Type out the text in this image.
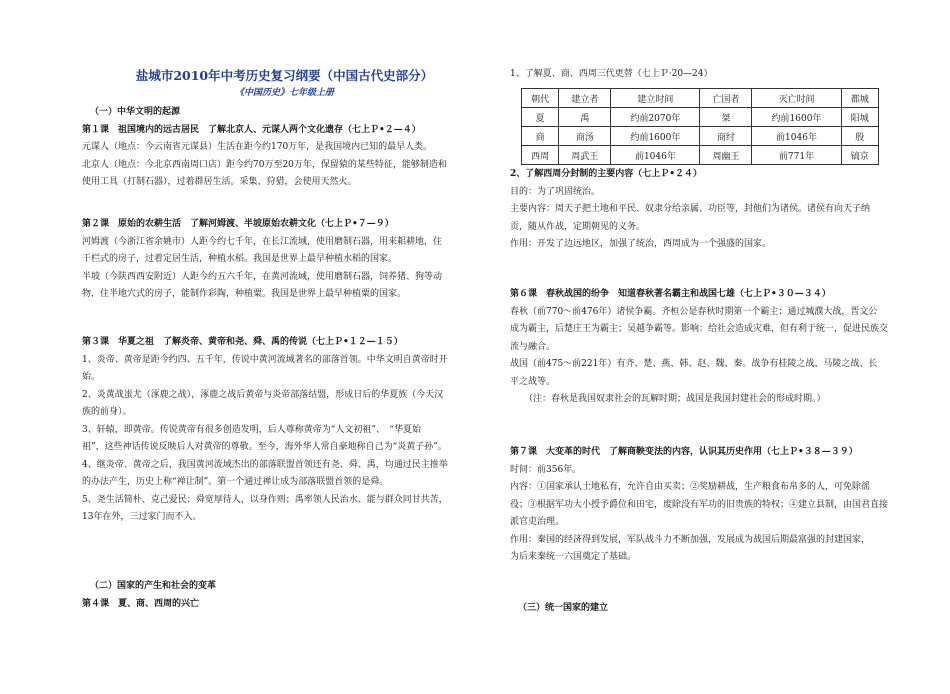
盐城市2010年中考历史复习纲要（中国古代史部分）
《中国历史》七年级上册

（一）中华文明的起源

第１课　祖国境内的远古居民　了解北京人、元谋人两个文化遗存（七上Ｐ•２—４）

元谋人（地点：今云南省元谋县）生活在距今约170万年，是我国境内已知的最早人类。

北京人（地点：今北京西南周口店）距今约70万至20万年，保留猿的某些特征，能够制造和

使用工具（打制石器），过着群居生活。采集、狩猎，会使用天然火。

第２课　原始的农耕生活　了解河姆渡、半坡原始农耕文化（七上Ｐ•７—９）

河姆渡（今浙江省余姚市）人距今约七千年，在长江流域，使用磨制石器，用来耜耕地，住

干栏式的房子，过着定居生活，种植水稻。我国是世界上最早种植水稻的国家。

半坡（今陕西西安附近）人距今约五六千年，在黄河流域，使用磨制石器，饲养猪、狗等动

物，住半地穴式的房子，能制作彩陶，种植粟。我国是世界上最早种植粟的国家。

第３课　华夏之祖　了解炎帝、黄帝和尧、舜、禹的传说（七上Ｐ•１２—１５）

1、炎帝、黄帝是距今约四、五千年，传说中黄河流域著名的部落首领。中华文明自黄帝时开

始。

2、炎黄战蚩尤（涿鹿之战），涿鹿之战后黄帝与炎帝部落结盟，形成日后的华夏族（今天汉

族的前身）。

3、轩辕，即黄帝。传说黄帝有很多创造发明，后人尊称黄帝为“人文初祖”、　“华夏始

祖”，这些神话传说反映后人对黄帝的尊敬。至今，海外华人常自豪地称自己为“炎黄子孙”。

4、继炎帝、黄帝之后，我国黄河流域杰出的部落联盟首领还有尧、舜、禹，均通过民主推举

的办法产生，历史上称“禅让制”。第一个通过禅让成为部落联盟首领的是舜。

5、尧生活简朴、克己爱民；舜宽厚待人，以身作则；禹率领人民治水、能与群众同甘共苦，

13年在外，三过家门而不入。

（二）国家的产生和社会的变革

第４课　夏、商、西周的兴亡

1、了解夏、商、西周三代更替（七上Ｐ·20—24）

朝代	建立者	建立时间	亡国者	灭亡时间	都城
夏	禹	约前2070年	桀	约前1600年	阳城
商	商汤	约前1600年	商纣	前1046年	殷
西周	周武王	前1046年	周幽王	前771年	镐京

2、了解西周分封制的主要内容（七上Ｐ•２４）

目的：为了巩固统治。

主要内容：周天子把土地和平民、奴隶分给亲属、功臣等，封他们为诸侯。诸侯有向天子纳

贡，随从作战，定期朝见的义务。

作用：开发了边远地区，加强了统治，西周成为一个强盛的国家。

第６课　春秋战国的纷争　知道春秋著名霸主和战国七雄（七上Ｐ•３０—３４）

春秋（前770～前476年）诸侯争霸。齐桓公是春秋时期第一个霸主；通过城濮大战，晋文公

成为霸主，后楚庄王为霸主；吴越争霸等。影响：给社会造成灾难，但有利于统一，促进民族交

流与融合。

战国（前475～前221年）有齐、楚、燕、韩、赵、魏、秦。战争有桂陵之战、马陵之战、长

平之战等。

（注：春秋是我国奴隶社会的瓦解时期；战国是我国封建社会的形成时期。）

第７课　大变革的时代　了解商鞅变法的内容，认识其历史作用（七上Ｐ•３８—３９）

时间：前356年。

内容：①国家承认土地私有，允许自由买卖；②奖励耕战，生产粮食布帛多的人，可免除徭

役；③根据军功大小授予爵位和田宅，废除没有军功的旧贵族的特权；④建立县制，由国君直接

派官吏治理。

作用：秦国的经济得到发展，军队战斗力不断加强，发展成为战国后期最富强的封建国家，

为后来秦统一六国奠定了基础。

（三）统一国家的建立
